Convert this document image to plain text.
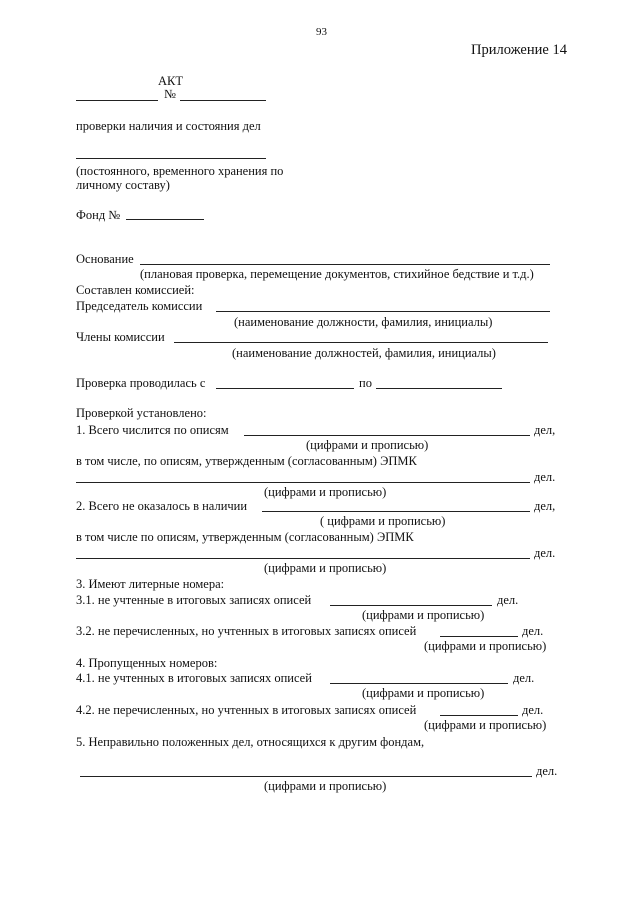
93
Приложение 14
АКТ
№
проверки наличия и состояния дел
(постоянного, временного хранения по
личному составу)
Фонд №
Основание
(плановая проверка, перемещение документов, стихийное бедствие и т.д.)
Составлен комиссией:
Председатель комиссии
(наименование должности, фамилия, инициалы)
Члены комиссии
(наименование должностей, фамилия, инициалы)
Проверка проводилась с	по
Проверкой установлено:
1. Всего числится по описям	дел,
(цифрами и прописью)
в том числе, по описям, утвержденным (согласованным) ЭПМК
дел.
(цифрами и прописью)
2. Всего не оказалось в наличии	дел,
( цифрами и прописью)
в том числе по описям, утвержденным (согласованным) ЭПМК
дел.
(цифрами и прописью)
3. Имеют литерные номера:
3.1. не учтенные в итоговых записях описей	дел.
(цифрами и прописью)
3.2. не перечисленных, но учтенных в итоговых записях описей	дел.
(цифрами и прописью)
4. Пропущенных номеров:
4.1. не учтенных в итоговых записях описей	дел.
(цифрами и прописью)
4.2. не перечисленных, но учтенных в итоговых записях описей	дел.
(цифрами и прописью)
5. Неправильно положенных дел, относящихся к другим фондам,
дел.
(цифрами и прописью)
